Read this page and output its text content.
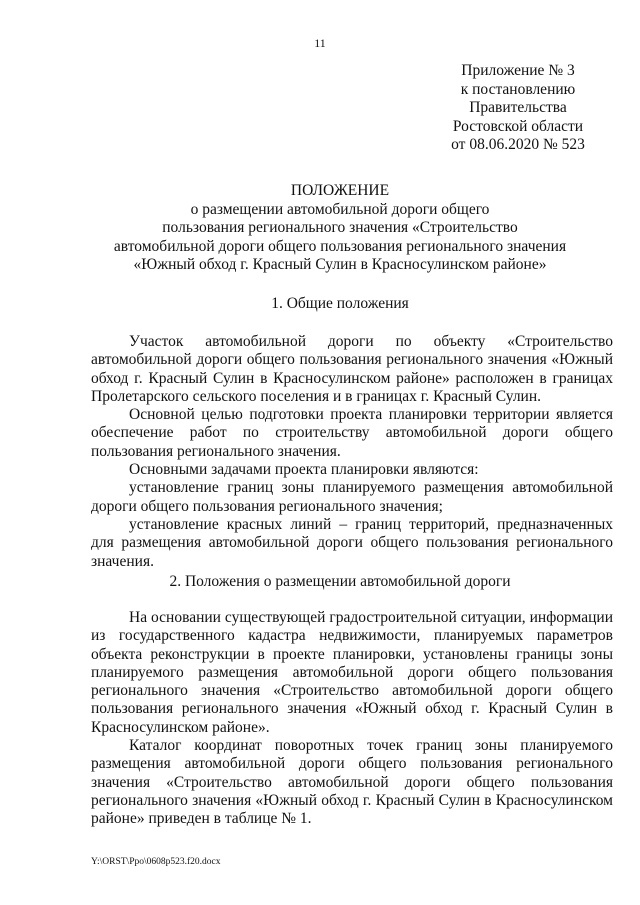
11
Приложение № 3
к постановлению
Правительства
Ростовской области
от 08.06.2020 № 523
ПОЛОЖЕНИЕ
о размещении автомобильной дороги общего
пользования регионального значения «Строительство
автомобильной дороги общего пользования регионального значения
«Южный обход г. Красный Сулин в Красносулинском районе»
1. Общие положения

Участок автомобильной дороги по объекту «Строительство автомобильной дороги общего пользования регионального значения «Южный обход г. Красный Сулин в Красносулинском районе» расположен в границах Пролетарского сельского поселения и в границах г. Красный Сулин.

Основной целью подготовки проекта планировки территории является обеспечение работ по строительству автомобильной дороги общего пользования регионального значения.

Основными задачами проекта планировки являются:

установление границ зоны планируемого размещения автомобильной дороги общего пользования регионального значения;

установление красных линий – границ территорий, предназначенных для размещения автомобильной дороги общего пользования регионального значения.

2. Положения о размещении автомобильной дороги

На основании существующей градостроительной ситуации, информации из государственного кадастра недвижимости, планируемых параметров объекта реконструкции в проекте планировки, установлены границы зоны планируемого размещения автомобильной дороги общего пользования регионального значения «Строительство автомобильной дороги общего пользования регионального значения «Южный обход г. Красный Сулин в Красносулинском районе».

Каталог координат поворотных точек границ зоны планируемого размещения автомобильной дороги общего пользования регионального значения «Строительство автомобильной дороги общего пользования регионального значения «Южный обход г. Красный Сулин в Красносулинском районе» приведен в таблице № 1.

Y:\ORST\Ppo\0608p523.f20.docx
